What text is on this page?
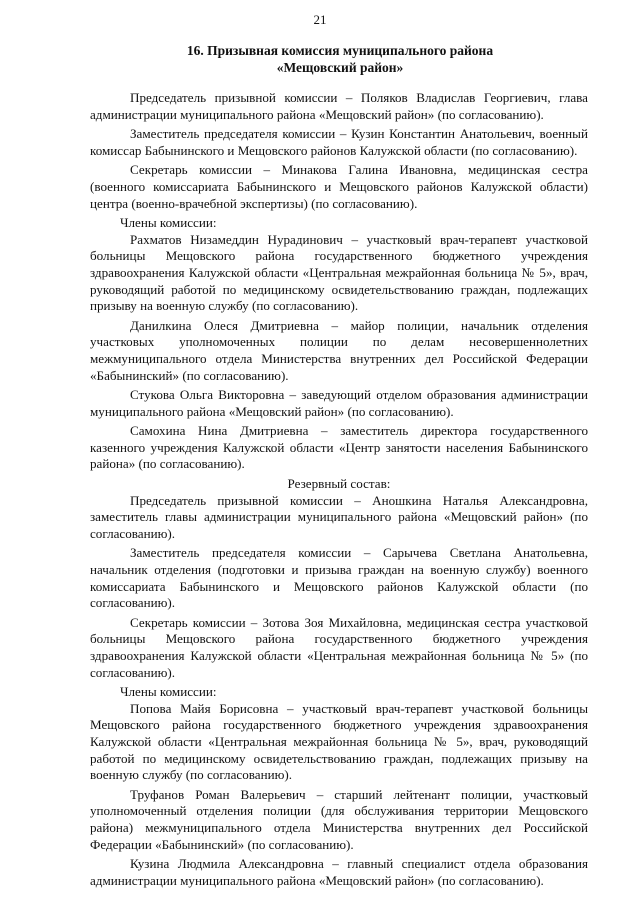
21
16. Призывная комиссия муниципального района
«Мещовский район»

Председатель призывной комиссии – Поляков Владислав Георгиевич, глава администрации муниципального района «Мещовский район» (по согласованию).

Заместитель председателя комиссии – Кузин Константин Анатольевич, военный комиссар Бабынинского и Мещовского районов Калужской области (по согласованию).

Секретарь комиссии – Минакова Галина Ивановна, медицинская сестра (военного комиссариата Бабынинского и Мещовского районов Калужской области) центра (военно-врачебной экспертизы) (по согласованию).

Члены комиссии:

Рахматов Низамеддин Нурадинович – участковый врач-терапевт участковой больницы Мещовского района государственного бюджетного учреждения здравоохранения Калужской области «Центральная межрайонная больница № 5», врач, руководящий работой по медицинскому освидетельствованию граждан, подлежащих призыву на военную службу (по согласованию).

Данилкина Олеся Дмитриевна – майор полиции, начальник отделения участковых уполномоченных полиции по делам несовершеннолетних межмуниципального отдела Министерства внутренних дел Российской Федерации «Бабынинский» (по согласованию).

Стукова Ольга Викторовна – заведующий отделом образования администрации муниципального района «Мещовский район» (по согласованию).

Самохина Нина Дмитриевна – заместитель директора государственного казенного учреждения Калужской области «Центр занятости населения Бабынинского района» (по согласованию).

Резервный состав:

Председатель призывной комиссии – Аношкина Наталья Александровна, заместитель главы администрации муниципального района «Мещовский район» (по согласованию).

Заместитель председателя комиссии – Сарычева Светлана Анатольевна, начальник отделения (подготовки и призыва граждан на военную службу) военного комиссариата Бабынинского и Мещовского районов Калужской области (по согласованию).

Секретарь комиссии – Зотова Зоя Михайловна, медицинская сестра участковой больницы Мещовского района государственного бюджетного учреждения здравоохранения Калужской области «Центральная межрайонная больница № 5» (по согласованию).

Члены комиссии:

Попова Майя Борисовна – участковый врач-терапевт участковой больницы Мещовского района государственного бюджетного учреждения здравоохранения Калужской области «Центральная межрайонная больница № 5», врач, руководящий работой по медицинскому освидетельствованию граждан, подлежащих призыву на военную службу (по согласованию).

Труфанов Роман Валерьевич – старший лейтенант полиции, участковый уполномоченный отделения полиции (для обслуживания территории Мещовского района) межмуниципального отдела Министерства внутренних дел Российской Федерации «Бабынинский» (по согласованию).

Кузина Людмила Александровна – главный специалист отдела образования администрации муниципального района «Мещовский район» (по согласованию).
